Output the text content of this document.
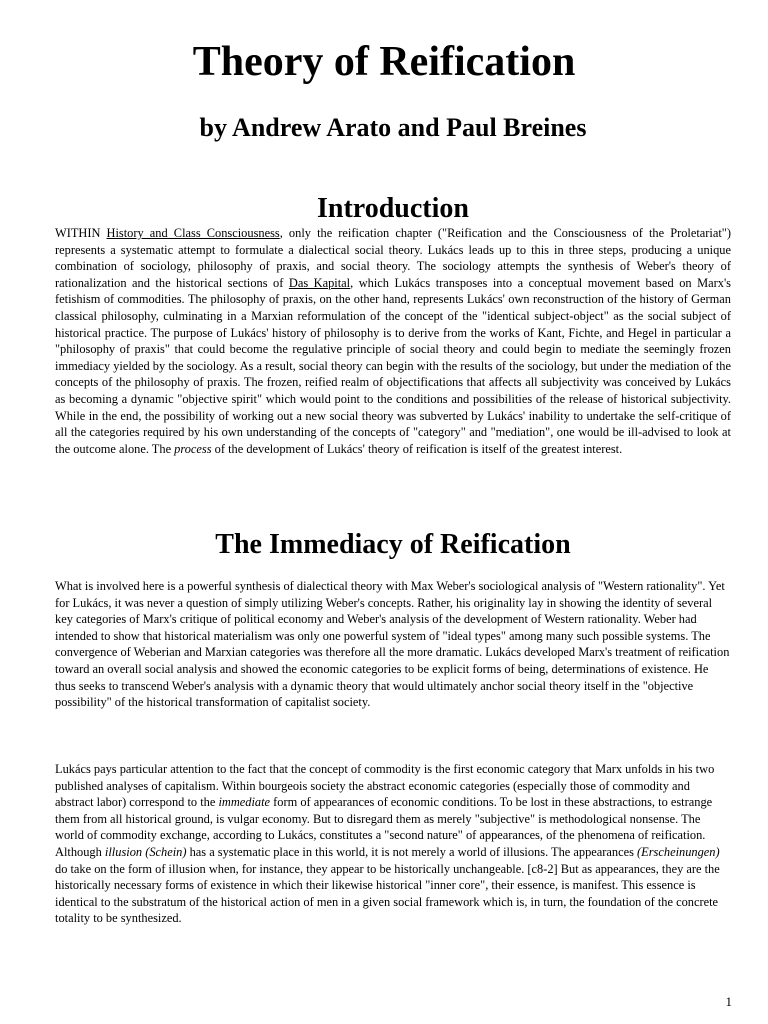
Theory of Reification
by Andrew Arato and Paul Breines
Introduction

WITHIN History and Class Consciousness, only the reification chapter ("Reification and the Consciousness of the Proletariat") represents a systematic attempt to formulate a dialectical social theory. Lukács leads up to this in three steps, producing a unique combination of sociology, philosophy of praxis, and social theory. The sociology attempts the synthesis of Weber's theory of rationalization and the historical sections of Das Kapital, which Lukács transposes into a conceptual movement based on Marx's fetishism of commodities. The philosophy of praxis, on the other hand, represents Lukács' own reconstruction of the history of German classical philosophy, culminating in a Marxian reformulation of the concept of the "identical subject-object" as the social subject of historical practice. The purpose of Lukács' history of philosophy is to derive from the works of Kant, Fichte, and Hegel in particular a "philosophy of praxis" that could become the regulative principle of social theory and could begin to mediate the seemingly frozen immediacy yielded by the sociology. As a result, social theory can begin with the results of the sociology, but under the mediation of the concepts of the philosophy of praxis. The frozen, reified realm of objectifications that affects all subjectivity was conceived by Lukács as becoming a dynamic "objective spirit" which would point to the conditions and possibilities of the release of historical subjectivity. While in the end, the possibility of working out a new social theory was subverted by Lukács' inability to undertake the self-critique of all the categories required by his own understanding of the concepts of "category" and "mediation", one would be ill-advised to look at the outcome alone. The process of the development of Lukács' theory of reification is itself of the greatest interest.

The Immediacy of Reification

What is involved here is a powerful synthesis of dialectical theory with Max Weber's sociological analysis of "Western rationality". Yet for Lukács, it was never a question of simply utilizing Weber's concepts. Rather, his originality lay in showing the identity of several key categories of Marx's critique of political economy and Weber's analysis of the development of Western rationality. Weber had intended to show that historical materialism was only one powerful system of "ideal types" among many such possible systems. The convergence of Weberian and Marxian categories was therefore all the more dramatic. Lukács developed Marx's treatment of reification toward an overall social analysis and showed the economic categories to be explicit forms of being, determinations of existence. He thus seeks to transcend Weber's analysis with a dynamic theory that would ultimately anchor social theory itself in the "objective possibility" of the historical transformation of capitalist society.

Lukács pays particular attention to the fact that the concept of commodity is the first economic category that Marx unfolds in his two published analyses of capitalism. Within bourgeois society the abstract economic categories (especially those of commodity and abstract labor) correspond to the immediate form of appearances of economic conditions. To be lost in these abstractions, to estrange them from all historical ground, is vulgar economy. But to disregard them as merely "subjective" is methodological nonsense. The world of commodity exchange, according to Lukács, constitutes a "second nature" of appearances, of the phenomena of reification. Although illusion (Schein) has a systematic place in this world, it is not merely a world of illusions. The appearances (Erscheinungen) do take on the form of illusion when, for instance, they appear to be historically unchangeable. [c8-2] But as appearances, they are the historically necessary forms of existence in which their likewise historical "inner core", their essence, is manifest. This essence is identical to the substratum of the historical action of men in a given social framework which is, in turn, the foundation of the concrete totality to be synthesized.

1
